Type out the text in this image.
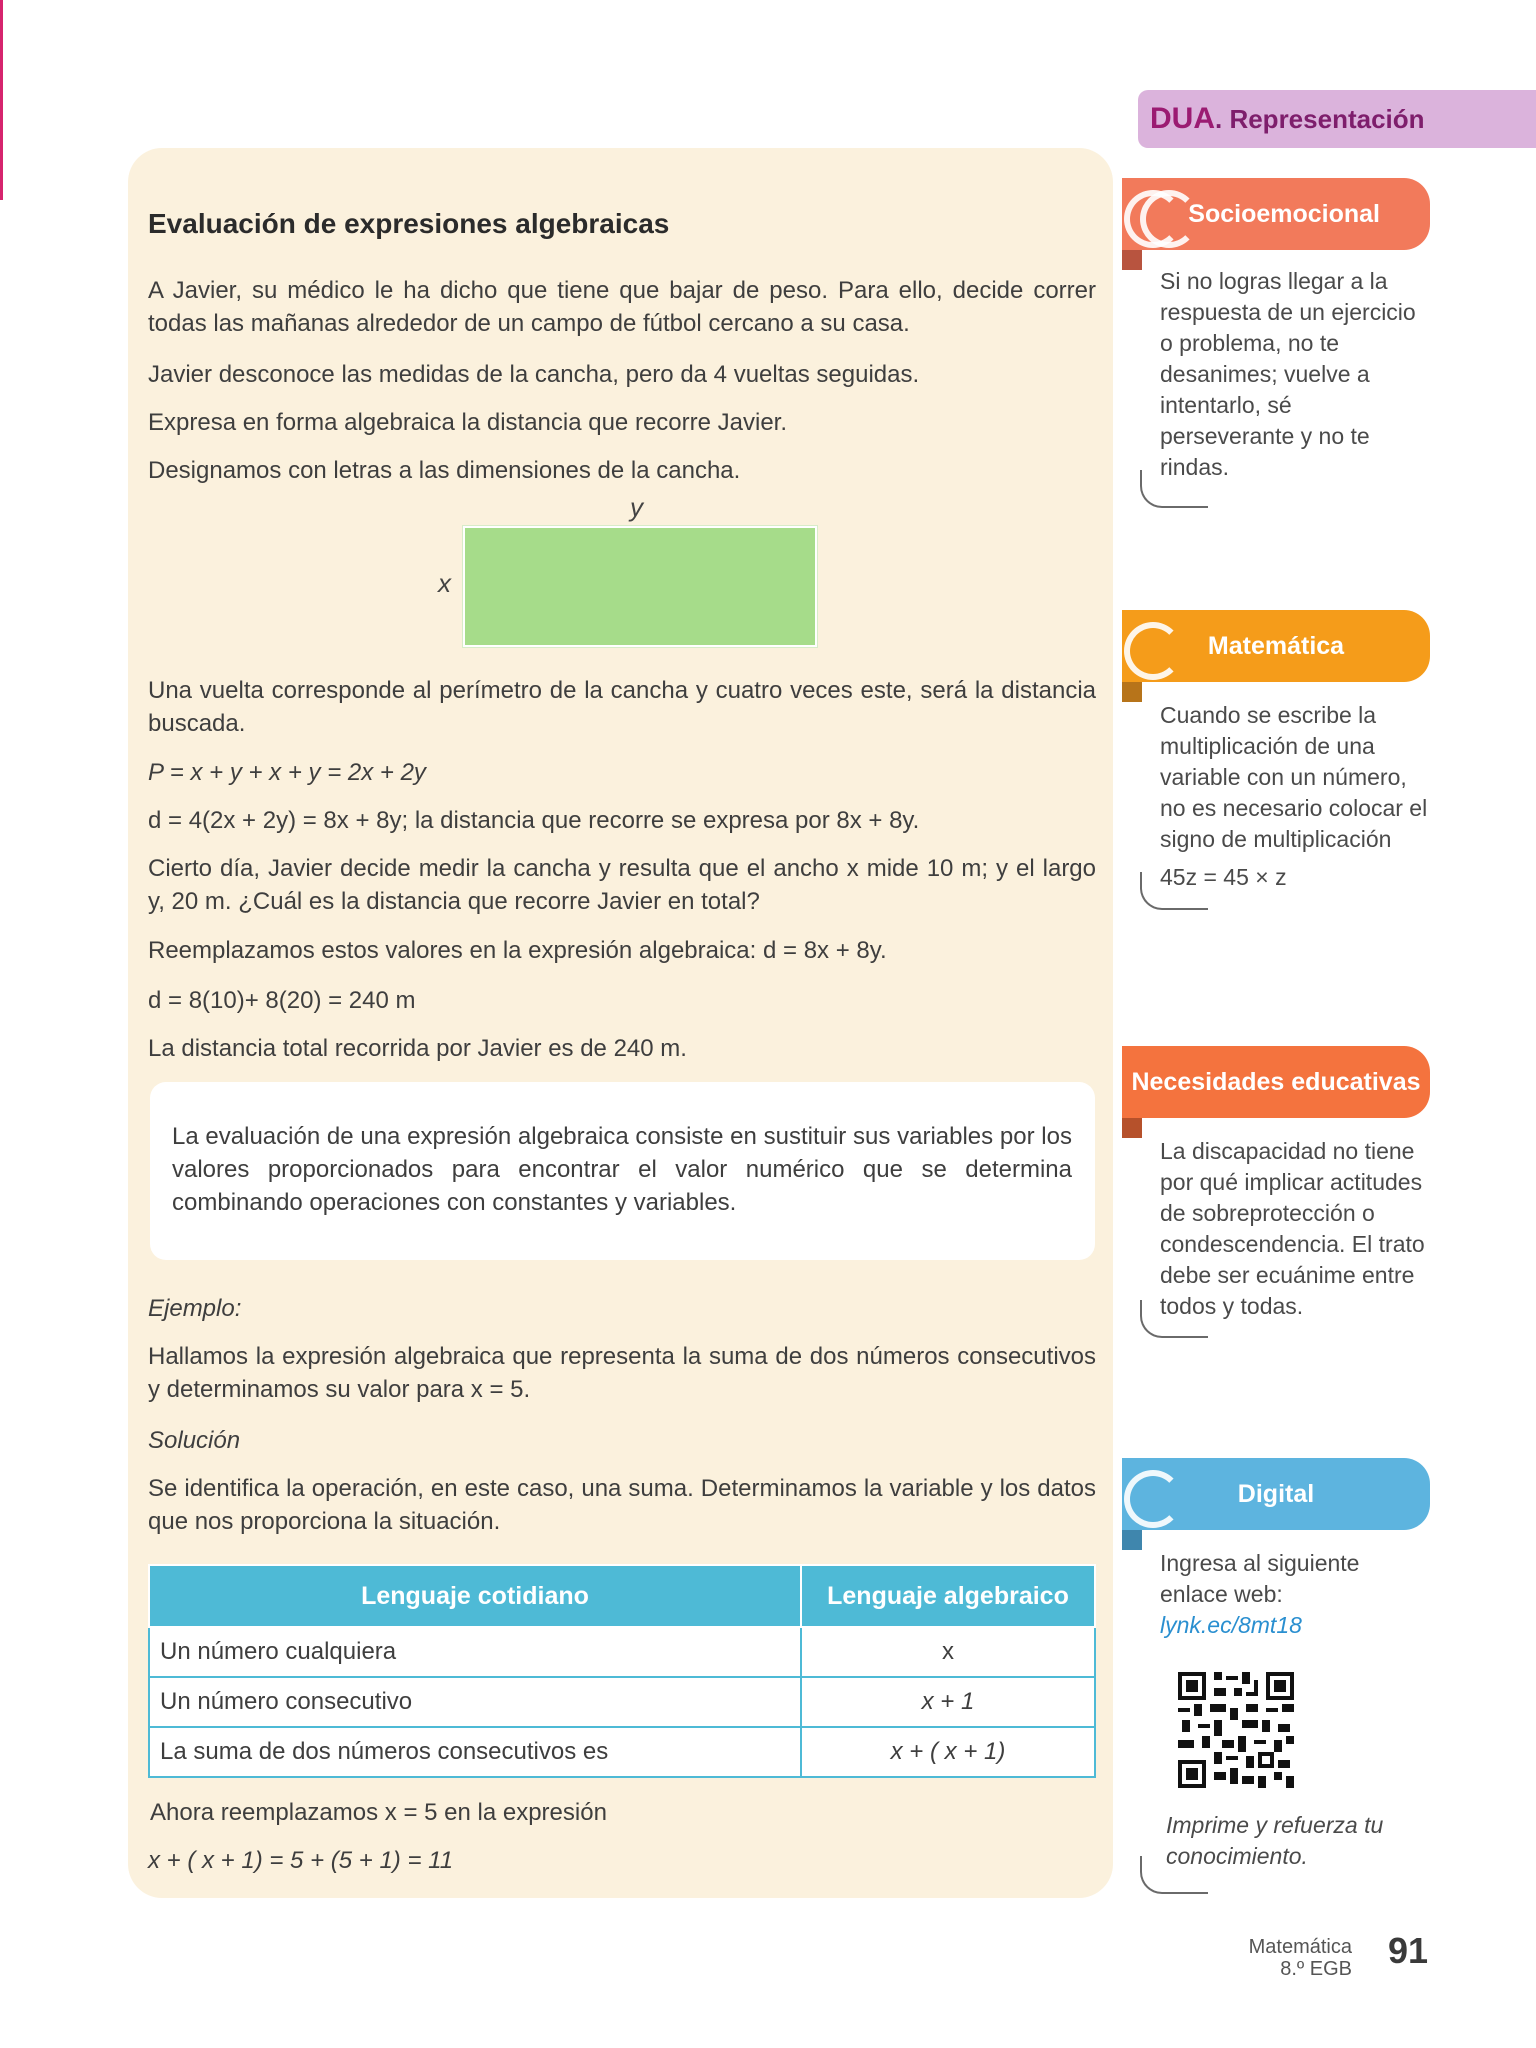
Evaluación de expresiones algebraicas
A Javier, su médico le ha dicho que tiene que bajar de peso. Para ello, decide correr todas las mañanas alrededor de un campo de fútbol cercano a su casa.
Javier desconoce las medidas de la cancha, pero da 4 vueltas seguidas.
Expresa en forma algebraica la distancia que recorre Javier.
Designamos con letras a las dimensiones de la cancha.
y
x
Una vuelta corresponde al perímetro de la cancha y cuatro veces este, será la distancia buscada.
P = x + y + x + y = 2x + 2y
d = 4(2x + 2y) = 8x + 8y; la distancia que recorre se expresa por 8x + 8y.
Cierto día, Javier decide medir la cancha y resulta que el ancho x mide 10 m; y el largo y, 20 m. ¿Cuál es la distancia que recorre Javier en total?
Reemplazamos estos valores en la expresión algebraica: d = 8x + 8y.
d = 8(10)+ 8(20) = 240 m
La distancia total recorrida por Javier es de 240 m.
La evaluación de una expresión algebraica consiste en sustituir sus variables por los valores proporcionados para encontrar el valor numérico que se determina combinando operaciones con constantes y variables.
Ejemplo:
Hallamos la expresión algebraica que representa la suma de dos números consecutivos y determinamos su valor para x = 5.
Solución
Se identifica la operación, en este caso, una suma. Determinamos la variable y los datos que nos proporciona la situación.
Lenguaje cotidiano	Lenguaje algebraico
Un número cualquiera	x
Un número consecutivo	x + 1
La suma de dos números consecutivos es	x + ( x + 1)
Ahora reemplazamos x = 5 en la expresión
x + ( x + 1) = 5 + (5 + 1) = 11
DUA. Representación
Socioemocional
Si no logras llegar a la respuesta de un ejercicio o problema, no te desanimes; vuelve a intentarlo, sé perseverante y no te rindas.
Matemática
Cuando se escribe la multiplicación de una variable con un número, no es necesario colocar el signo de multiplicación
45z = 45 × z
Necesidades educativas
La discapacidad no tiene por qué implicar actitudes de sobreprotección o condescendencia. El trato debe ser ecuánime entre todos y todas.
Digital
Ingresa al siguiente enlace web:
lynk.ec/8mt18
Imprime y refuerza tu conocimiento.
Matemática
8.º EGB 91
